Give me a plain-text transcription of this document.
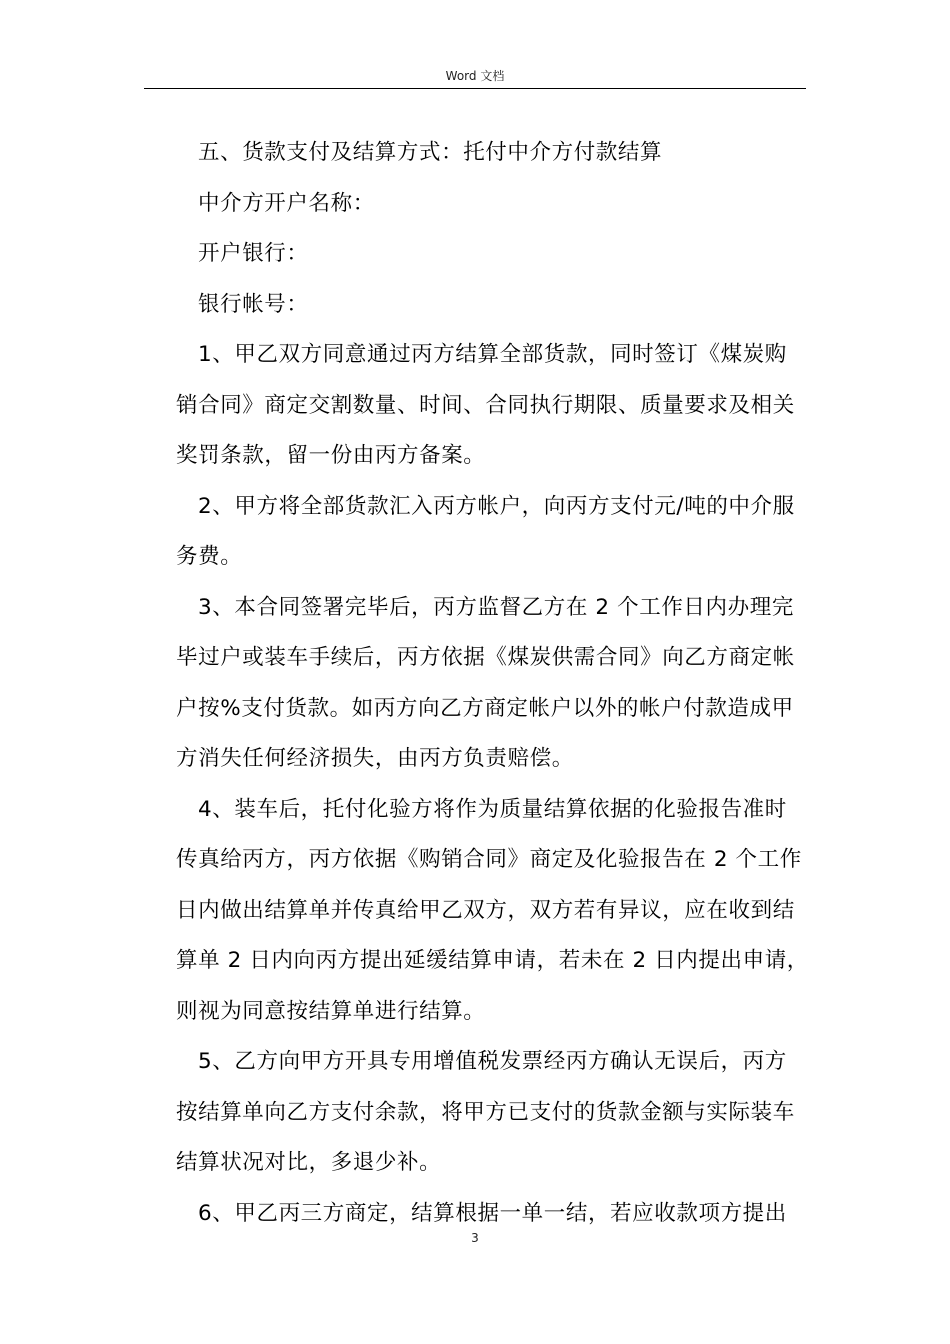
Word 文档

五、货款支付及结算方式：托付中介方付款结算

中介方开户名称：

开户银行：

银行帐号：

1、甲乙双方同意通过丙方结算全部货款，同时签订《煤炭购
销合同》商定交割数量、时间、合同执行期限、质量要求及相关
奖罚条款，留一份由丙方备案。

2、甲方将全部货款汇入丙方帐户，向丙方支付元/吨的中介服
务费。

3、本合同签署完毕后，丙方监督乙方在 2 个工作日内办理完
毕过户或装车手续后，丙方依据《煤炭供需合同》向乙方商定帐
户按%支付货款。如丙方向乙方商定帐户以外的帐户付款造成甲
方消失任何经济损失，由丙方负责赔偿。

4、装车后，托付化验方将作为质量结算依据的化验报告准时
传真给丙方，丙方依据《购销合同》商定及化验报告在 2 个工作
日内做出结算单并传真给甲乙双方，双方若有异议，应在收到结
算单 2 日内向丙方提出延缓结算申请，若未在 2 日内提出申请，
则视为同意按结算单进行结算。

5、乙方向甲方开具专用增值税发票经丙方确认无误后，丙方
按结算单向乙方支付余款，将甲方已支付的货款金额与实际装车
结算状况对比，多退少补。

6、甲乙丙三方商定，结算根据一单一结，若应收款项方提出

3
